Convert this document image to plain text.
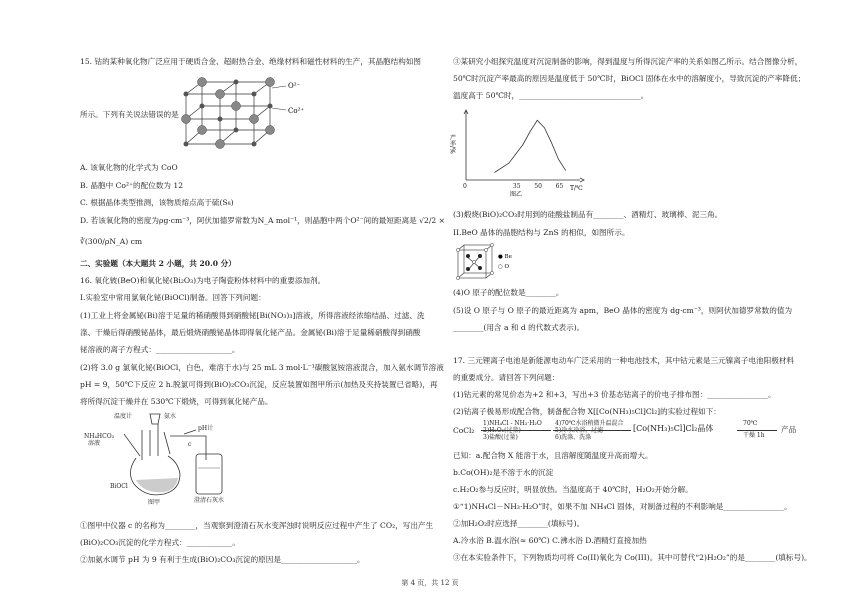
15. 钴的某种氧化物广泛应用于硬质合金、超耐热合金、绝缘材料和磁性材料的生产，其晶胞结构如图
O²⁻
Co²⁺
所示。下列有关说法错误的是
A. 该氧化物的化学式为 CoO
B. 晶胞中 Co²⁺的配位数为 12
C. 根据晶体类型推测，该物质熔点高于硫(S₈)
D. 若该氧化物的密度为ρg·cm⁻³，阿伏加德罗常数为N_A mol⁻¹，则晶胞中两个O²⁻间的最短距离是 √2/2 ×
∛(300/ρN_A) cm
二、实验题（本大题共 2 小题，共 20.0 分）
16. 氧化铍(BeO)和氧化铋(Bi₂O₃)为电子陶瓷粉体材料中的重要添加剂。
I.实验室中常用氯氧化铋(BiOCl)制备。回答下列问题：
(1)工业上将金属铋(Bi)溶于足量的稀硝酸得到硝酸铋[Bi(NO₃)₃]溶液，所得溶液经浓缩结晶、过滤、洗
涤、干燥后得硝酸铋晶体，最后煅烧硝酸铋晶体即得氧化铋产品。金属铋(Bi)溶于足量稀硝酸得到硝酸
铋溶液的离子方程式：____________________。
(2)将 3.0 g 氯氧化铋(BiOCl，白色，难溶于水)与 25 mL 3 mol·L⁻¹碳酸氢铵溶液混合，加入氨水调节溶液
pH = 9，50℃下反应 2 h.脱氯可得到(BiO)₂CO₃沉淀，反应装置如图甲所示(加热及夹持装置已省略)，再
将所得沉淀干燥并在 530℃下煅烧，可得到氧化铋产品。
温度计	氨水
NH₄HCO₃
溶液
pH计
c
BiOCl
澄清石灰水
图甲
①图甲中仪器 c 的名称为________，当观察到澄清石灰水变浑浊时说明反应过程中产生了 CO₂，写出产生
(BiO)₂CO₃沉淀的化学方程式：____________。
②加氨水调节 pH 为 9 有利于生成(BiO)₂CO₃沉淀的原因是____________________。
③某研究小组探究温度对沉淀制备的影响，得到温度与所得沉淀产率的关系如图乙所示。结合图像分析，
50℃时沉淀产率最高的原因是温度低于 50℃时，BiOCl 固体在水中的溶解度小，导致沉淀的产率降低；
温度高于 50℃时，________________________________。
0	35 50 65
产率/%
T/℃
图乙
(3)煅烧(BiO)₂CO₃时用到的硅酸盐制品有________、酒精灯、玻璃棒、泥三角。
II.BeO 晶体的晶胞结构与 ZnS 的相似，如图所示。
● Be
○ O
(4)O 原子的配位数是________。
(5)设 O 原子与 O 原子的最近距离为 apm，BeO 晶体的密度为 dg·cm⁻³，则阿伏加德罗常数的值为
________(用含 a 和 d 的代数式表示)。
17. 三元锂离子电池是新能源电动车广泛采用的一种电池技术，其中钴元素是三元镍离子电池阳极材料
的重要成分。请回答下列问题：
(1)钴元素的常见价态为+2 和+3，写出+3 价基态钴离子的价电子排布图：________________。
(2)钴离子极易形成配合物，制备配合物 X[[Co(NH₃)₅Cl]Cl₂]的实验过程如下：
CoCl₂
1)NH₄Cl - NH₃·H₂O
2)H₂O₂(过量)
3)盐酸(过量)
4)70℃水浴稍微升温混合
5)冷水冷浴、过滤
6)洗涤、洗涤
[Co(NH₃)₅Cl]Cl₂晶体
70℃
干燥 1h
产品
已知：a.配合物 X 能溶于水，且溶解度随温度升高而增大。
b.Co(OH)₂是不溶于水的沉淀
c.H₂O₂参与反应时，明显放热。当温度高于 40℃时，H₂O₂开始分解。
①“1)NH₄Cl－NH₃·H₂O”时，如果不加 NH₄Cl 固体，对制备过程的不利影响是________________。
②加H₂O₂时应选择________(填标号)。
A.冷水浴 B.温水浴(≈ 60℃) C.沸水浴 D.酒精灯直接加热
③在本实验条件下，下列物质均可将 Co(II)氧化为 Co(III)。其中可替代“2)H₂O₂”的是________(填标号)。
第 4 页，共 12 页
